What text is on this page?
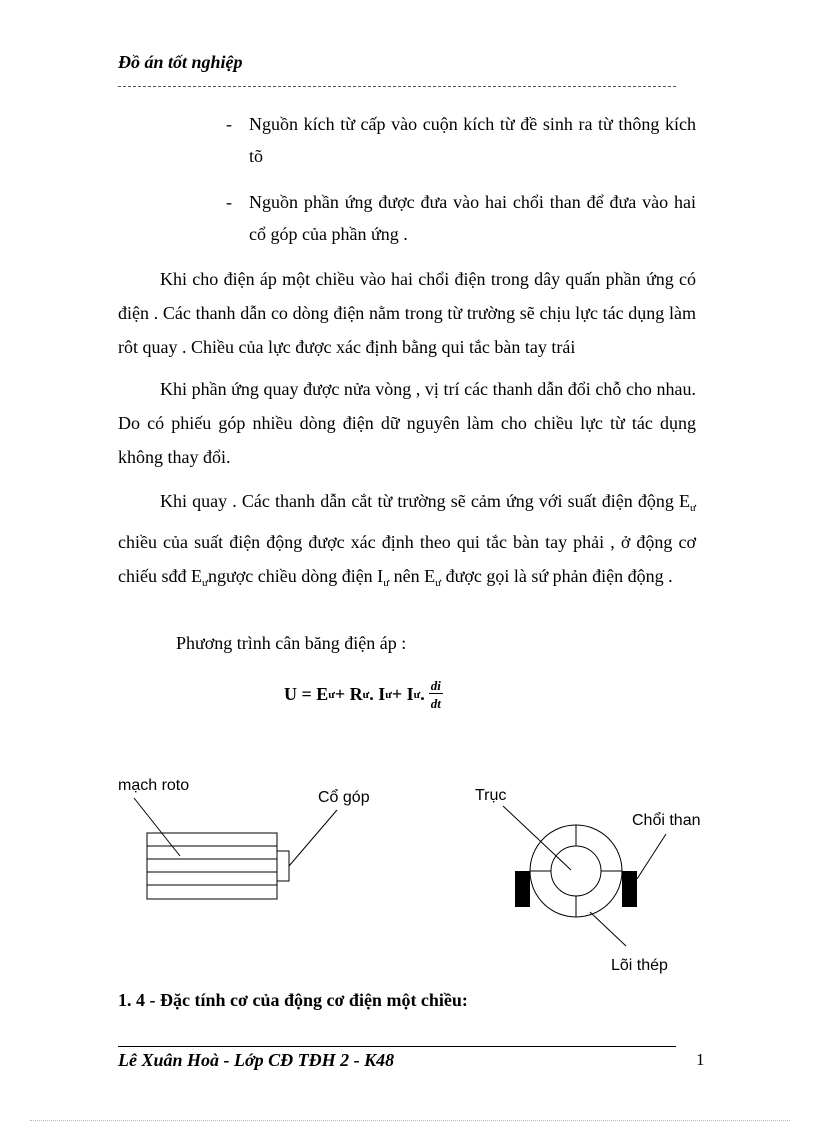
Đồ án tốt nghiệp
- Nguồn kích từ cấp vào cuộn kích từ đề sinh ra từ thông kích tõ
- Nguồn phần ứng được đưa vào hai chổi than để đưa vào hai cổ góp của phần ứng .
Khi cho điện áp một chiều vào hai chổi điện trong dây quấn phần ứng có điện . Các thanh dẫn co dòng điện nằm trong từ trường sẽ chịu lực tác dụng làm rôt quay . Chiều của lực được xác định bằng qui tắc bàn tay trái
Khi phần ứng quay được nửa vòng , vị trí các thanh dẫn đổi chỗ cho nhau. Do có phiếu góp nhiều dòng điện dữ nguyên làm cho chiều lực từ tác dụng không thay đổi.
Khi quay . Các thanh dẫn cắt từ trường sẽ cảm ứng với suất điện động $E_ư$ chiều của suất điện động được xác định theo qui tắc bàn tay phải , ở động cơ chiếu sđđ $E_ưngược$ chiều dòng điện $I_ư$ nên $E_ư$ được gọi là sứ phản điện động .
Phương trình cân băng điện áp :
U = E ư + R ư . I ư + I ư . $\frac{di}{dt}$
mạch roto
Cổ góp	Trục
Chổi than
Lõi thép
1. 4 - Đặc tính cơ của động cơ điện một chiều:
Lê Xuân Hoà - Lớp CĐ TĐH 2 - K48	1
